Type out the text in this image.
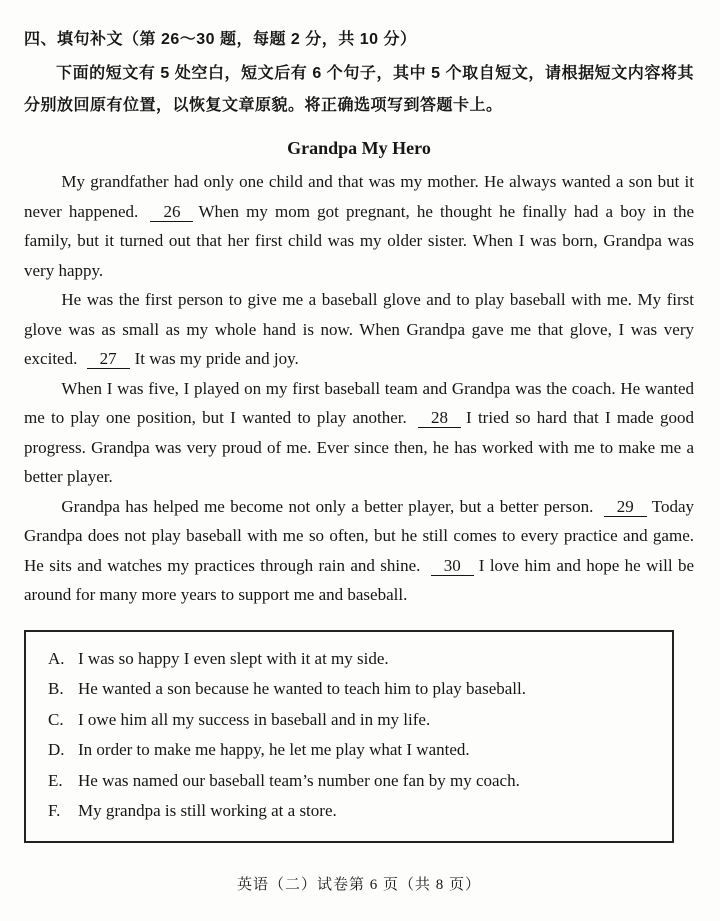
四、填句补文（第 26～30 题，每题 2 分，共 10 分）

下面的短文有 5 处空白，短文后有 6 个句子，其中 5 个取自短文，请根据短文内容将其分别放回原有位置，以恢复文章原貌。将正确选项写到答题卡上。

Grandpa My Hero

My grandfather had only one child and that was my mother. He always wanted a son but it never happened. 26 When my mom got pregnant, he thought he finally had a boy in the family, but it turned out that her first child was my older sister. When I was born, Grandpa was very happy.

He was the first person to give me a baseball glove and to play baseball with me. My first glove was as small as my whole hand is now. When Grandpa gave me that glove, I was very excited. 27 It was my pride and joy.

When I was five, I played on my first baseball team and Grandpa was the coach. He wanted me to play one position, but I wanted to play another. 28 I tried so hard that I made good progress. Grandpa was very proud of me. Ever since then, he has worked with me to make me a better player.

Grandpa has helped me become not only a better player, but a better person. 29 Today Grandpa does not play baseball with me so often, but he still comes to every practice and game. He sits and watches my practices through rain and shine. 30 I love him and hope he will be around for many more years to support me and baseball.

A. I was so happy I even slept with it at my side.
B. He wanted a son because he wanted to teach him to play baseball.
C. I owe him all my success in baseball and in my life.
D. In order to make me happy, he let me play what I wanted.
E. He was named our baseball team’s number one fan by my coach.
F.	My grandpa is still working at a store.
英语（二）试卷第 6 页（共 8 页）
